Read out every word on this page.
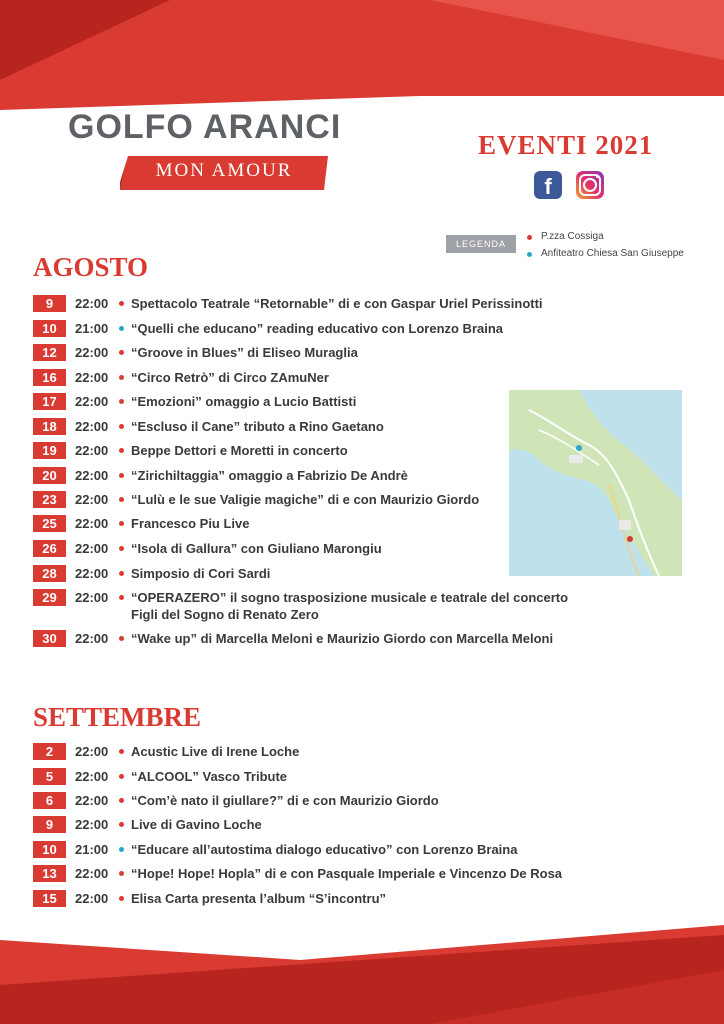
GOLFO ARANCI
MON AMOUR
EVENTI 2021
f
LEGENDA
P.zza Cossiga
Anfiteatro Chiesa San Giuseppe
AGOSTO
SETTEMBRE
9	22:00 Spettacolo Teatrale “Retornable” di e con Gaspar Uriel Perissinotti
10	21:00 “Quelli che educano” reading educativo con Lorenzo Braina
12	22:00 “Groove in Blues” di Eliseo Muraglia
16	22:00 “Circo Retrò” di Circo ZAmuNer
17	22:00 “Emozioni” omaggio a Lucio Battisti
18	22:00 “Escluso il Cane” tributo a Rino Gaetano
19	22:00 Beppe Dettori e Moretti in concerto
20	22:00 “Zirichiltaggia” omaggio a Fabrizio De Andrè
23	22:00 “Lulù e le sue Valigie magiche” di e con Maurizio Giordo
25	22:00 Francesco Piu Live
26	22:00 “Isola di Gallura” con Giuliano Marongiu
28	22:00 Simposio di Cori Sardi
29	22:00 “OPERAZERO” il sogno trasposizione musicale e teatrale del concerto
Figli del Sogno di Renato Zero
30	22:00 “Wake up” di Marcella Meloni e Maurizio Giordo con Marcella Meloni
2	22:00 Acustic Live di Irene Loche
5	22:00 “ALCOOL” Vasco Tribute
6	22:00 “Com’è nato il giullare?” di e con Maurizio Giordo
9	22:00 Live di Gavino Loche
10	21:00 “Educare all’autostima dialogo educativo” con Lorenzo Braina
13	22:00 “Hope! Hope! Hopla” di e con Pasquale Imperiale e Vincenzo De Rosa
15	22:00 Elisa Carta presenta l’album “S’incontru”
